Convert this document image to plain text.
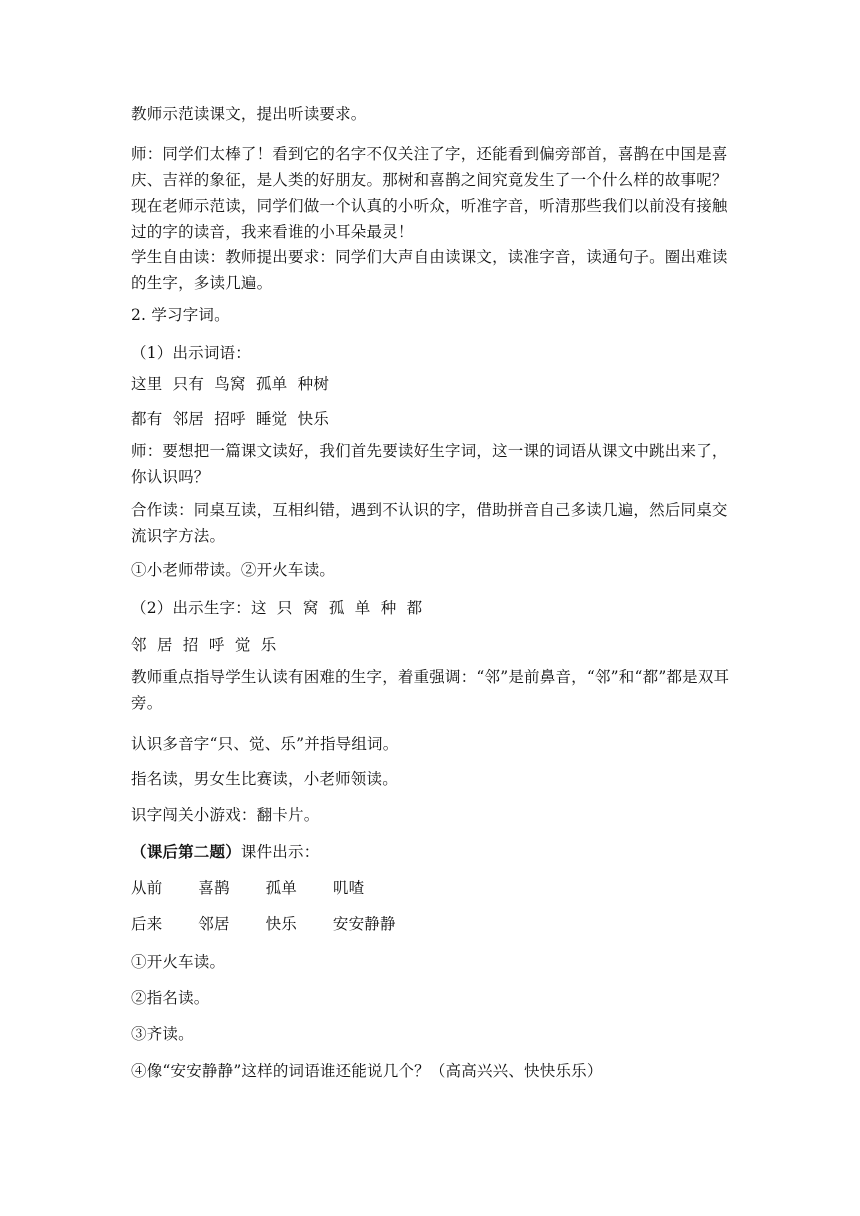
教师示范读课文，提出听读要求。
师：同学们太棒了！看到它的名字不仅关注了字，还能看到偏旁部首，喜鹊在中国是喜庆、吉祥的象征，是人类的好朋友。那树和喜鹊之间究竟发生了一个什么样的故事呢？现在老师示范读，同学们做一个认真的小听众，听准字音，听清那些我们以前没有接触过的字的读音，我来看谁的小耳朵最灵！
学生自由读：教师提出要求：同学们大声自由读课文，读准字音，读通句子。圈出难读的生字，多读几遍。
2. 学习字词。
（1）出示词语：
这里  只有  鸟窝  孤单  种树
都有  邻居  招呼  睡觉  快乐
师：要想把一篇课文读好，我们首先要读好生字词，这一课的词语从课文中跳出来了，你认识吗？
合作读：同桌互读，互相纠错，遇到不认识的字，借助拼音自己多读几遍，然后同桌交流识字方法。
①小老师带读。②开火车读。
（2）出示生字：这  只  窝  孤  单  种  都
邻  居  招  呼  觉  乐
教师重点指导学生认读有困难的生字，着重强调：“邻”是前鼻音，“邻”和“都”都是双耳旁。
认识多音字“只、觉、乐”并指导组词。
指名读，男女生比赛读，小老师领读。
识字闯关小游戏：翻卡片。
（课后第二题）课件出示：
从前       喜鹊       孤单       叽喳
后来       邻居       快乐       安安静静
①开火车读。
②指名读。
③齐读。
④像“安安静静”这样的词语谁还能说几个？（高高兴兴、快快乐乐）
